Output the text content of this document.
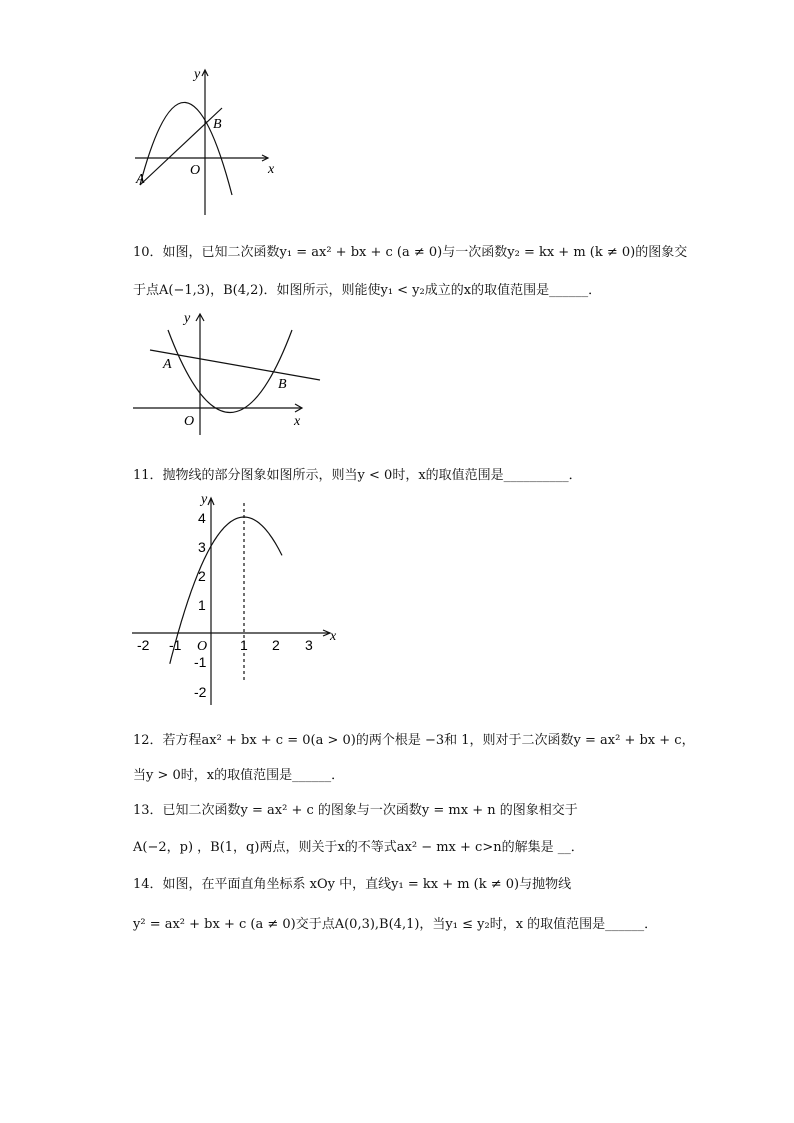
y
x
O
A
B
10．如图，已知二次函数y₁ = ax² + bx + c (a ≠ 0)与一次函数y₂ = kx + m (k ≠ 0)的图象交
于点A(−1,3)，B(4,2)．如图所示，则能使y₁ < y₂成立的x的取值范围是______．
y
x
O
A
B
11．抛物线的部分图象如图所示，则当y < 0时，x的取值范围是__________．
y
x
O
-2 -1	1 2 3
4
3
2
1
-1
-2
12．若方程ax² + bx + c = 0(a > 0)的两个根是 −3和 1，则对于二次函数y = ax² + bx + c，
当y > 0时，x的取值范围是______．
13．已知二次函数y = ax² + c 的图象与一次函数y = mx + n 的图象相交于
A(−2，p) ，B(1，q)两点，则关于x的不等式ax² − mx + c>n的解集是 __．
14．如图，在平面直角坐标系 xOy 中，直线y₁ = kx + m (k ≠ 0)与抛物线
y² = ax² + bx + c (a ≠ 0)交于点A(0,3),B(4,1)，当y₁ ≤ y₂时，x 的取值范围是______．
